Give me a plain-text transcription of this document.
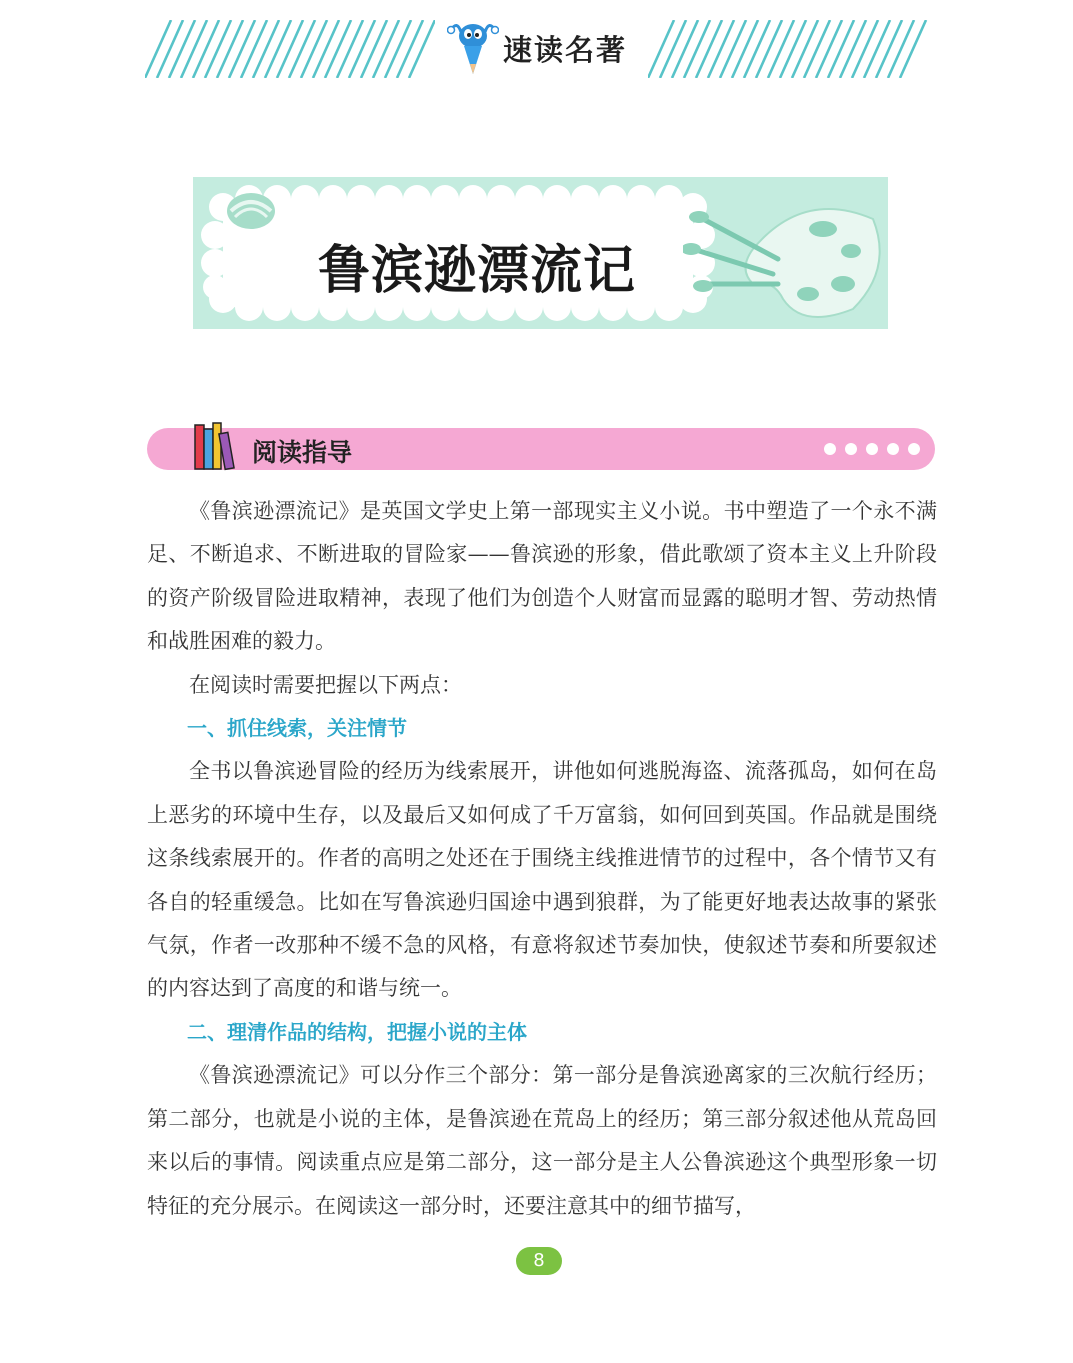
速读名著
鲁滨逊漂流记
阅读指导

《鲁滨逊漂流记》是英国文学史上第一部现实主义小说。书中塑造了一个永不满足、不断追求、不断进取的冒险家——鲁滨逊的形象，借此歌颂了资本主义上升阶段的资产阶级冒险进取精神，表现了他们为创造个人财富而显露的聪明才智、劳动热情和战胜困难的毅力。

在阅读时需要把握以下两点：

一、抓住线索，关注情节

全书以鲁滨逊冒险的经历为线索展开，讲他如何逃脱海盗、流落孤岛，如何在岛上恶劣的环境中生存，以及最后又如何成了千万富翁，如何回到英国。作品就是围绕这条线索展开的。作者的高明之处还在于围绕主线推进情节的过程中，各个情节又有各自的轻重缓急。比如在写鲁滨逊归国途中遇到狼群，为了能更好地表达故事的紧张气氛，作者一改那种不缓不急的风格，有意将叙述节奏加快，使叙述节奏和所要叙述的内容达到了高度的和谐与统一。

二、理清作品的结构，把握小说的主体

《鲁滨逊漂流记》可以分作三个部分：第一部分是鲁滨逊离家的三次航行经历；第二部分，也就是小说的主体，是鲁滨逊在荒岛上的经历；第三部分叙述他从荒岛回来以后的事情。阅读重点应是第二部分，这一部分是主人公鲁滨逊这个典型形象一切特征的充分展示。在阅读这一部分时，还要注意其中的细节描写，

8
